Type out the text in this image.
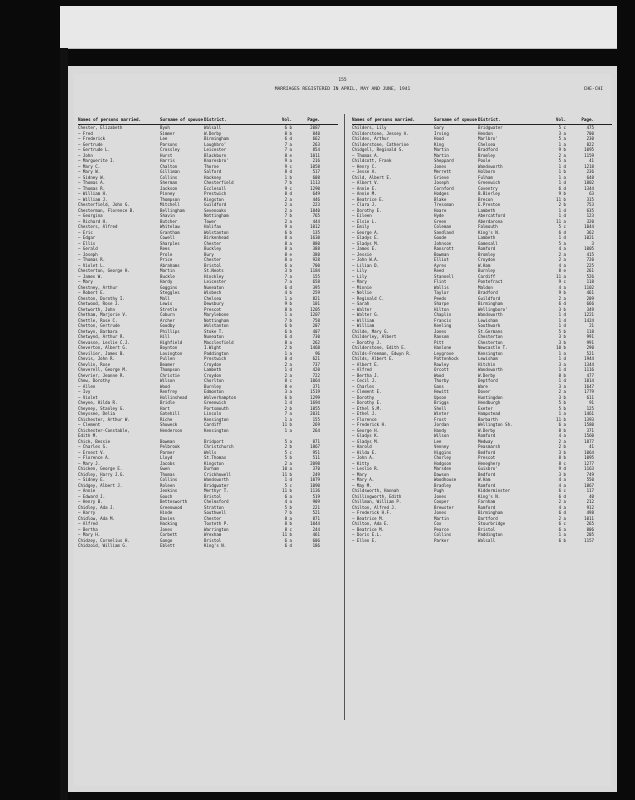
155
MARRIAGES REGISTERED IN APRIL, MAY AND JUNE, 1941	CHE-CHI
Names of persons married.	Surname of spouse District.	Vol.	Page.
Chester, Elizabeth	Byoh	Walsall	6 b	2087
— Fred	Simmer	W.Derby	8 b	840
— Frederick	Lee	Birmingham	6 d	662
— Gertrude	Parsons	Loughbro'	7 a	263
— Gertrude L.	Crossley	Leicester	7 a	854
— John	Hurst	Blackburn	8 e	1011
— Marguerite I.	Harris	Knaresbro'	9 a	216
— Mary C.	Chalton	Thorne	9 c	1058
— Mary W.	Gilliman	Salford	8 d	517
— Sidney W.	Collins	Hackney	1 b	608
— Thomas A.	Sherman	Chesterfield	7 b	1113
— Thomas R.	Jackson	Ecclesall	9 c	1290
— William H.	Pinney	Prestwich	8 d	649
— William J.	Thompson	Kingston	2 a	446
Chesterfield, John G.	Mitchell	Guildford	2 a	223
Chesterman, Florence B.	Bellingham	Sevenoaks	2 a	1840
— Georgina	Shavin	Nottingham	7 b	765
— Richard H.	Butcher	Tower	2 a	444
Chesters, Alfred	Whitelaw	Halifax	9 a	1012
— Eric	Grantham	Wolstanton	6 b	135
— Edgar	Cowell	Birkenhead	8 a	1630
— Ellis	Sharples	Chester	8 a	880
— Gerald	Rees	Buckley	8 a	388
— Joseph	Prole	Bury	8 e	380
— Thomas R.	Price	Chester	8 a	928
— Violet L.	Abrahams	Bristol	6 a	700
Chesterton, George H.	Martin	St.Neots	3 b	1184
— James W.	Buckle	Hinckley	7 a	155
— Mary	Hardy	Leicester	7 a	658
Chestney, Arthur	Goggins	Nuneaton	6 d	395
— Robert E.	Steggles	Wisbech	4 b	259
Cheston, Dorothy I.	Mall	Chelsea	1 a	821
Chetwood, Rose J.	Lewis	Dewsbury	9 b	101
Chetworth, John	Stretle	Prescot	8 b	1205
Chetham, Marjorie V.	Coburn	Marylebone	1 a	1207
Chettle, Rose C.	Archer	Nottingham	7 b	758
Chetton, Gertrude	Goodby	Wolstanton	6 b	207
Chetwyn, Barbara	Phillips	Stoke T.	6 b	407
Chetwynd, Arthur R.	Hill	Nuneaton	6 d	730
Chevasse, Leslie C.J.	Highfield	Macclesfield	8 a	262
Cheverton, Albert G.	Boynton	I.Wight	2 b	1468
Chevilier, James B.	Lovington	Paddington	1 a	96
Chevis, John R.	Pullen	Prestwich	8 d	621
Chevlin, Rose	Beamer	Croydon	2 a	737
Cheverell, George M.	Thompson	Lambeth	1 d	420
Chevrier, Jeanne R.	Christie	Croydon	2 a	722
Chew, Dorothy	Wilson	Chorlton	8 c	1064
— Allen	Wood	Burnley	8 e	371
— Ivy	Renfrey	Edmonton	3 a	1519
— Violet	Hollinshead	Wolverhampton	6 b	1299
Cheyne, Hilda R.	Bridle	Greenwich	1 d	1694
Cheyney, Stanley G.	Hart	Portsmouth	2 b	1055
Cheyssee, Delia	Gatehill	Lincoln	7 a	2031
Chichester, Arthur W.	Riche	Kensington	1 a	155
— Clement	Shuweck	Cardiff	11 b	269
Chichester-Constable,	Henderson	Kensington	1 a	264
Edith M.
Chick, Bessie	Bowman	Bridport	5 a	871
— Charles S.	Pelbrook	Christchurch	2 b	1867
— Ernest V.	Parmer	Wells	5 c	951
— Florence A.	Lloyd	St.Thomas	5 b	511
— Mary J.	Jacobs	Kingston	2 a	2098
Chicken, George E.	Gwen	Durham	10 a	370
Chidley, Harry J.G.	Thomas	Crickhowell	11 b	249
— Sidney E.	Collins	Wandsworth	1 d	1079
Chidgey, Albert J.	Roleen	Bridgwater	5 c	1090
— Annie	Jenkins	Merthyr T.	11 b	1136
— Edward J.	Gooch	Bristol	6 a	519
— Henry B.	Bettesworth	Chelmsford	4 a	909
Chidley, Ada J.	Greenwood	Stratton	5 b	221
— Harry	Hinde	Southwell	7 b	521
Chidlow, Ada M.	Davies	Chester	8 a	871
— Alfred	Hacking	Toxteth P.	8 b	1044
— Bertha	Jones	Warrington	8 c	244
— Mary H.	Corbett	Wrexham	11 b	461
Chidzey, Cornelius H.	Gange	Bristol	6 a	606
Chidzoid, William G.	Eblett	King's N.	6 d	186
Names of persons married.	Surname of spouse District.	Vol.	Page.
Childers, Lily	Gary	Bridgwater	5 c	475
Childerstone, Jessey A.	Irving	Hendon	3 a	700
Childes, Arthur	Hood	Marlbro'	5 a	230
Childerstone, Catherine	King	Chelsea	1 a	822
Chidgell, Reginald S.	Martin	Bradford	9 b	1095
— Thomas A.	Martin	Bromley	2 a	1159
Childcott, Frank	Sheppard	Poole	5 a	41
— Henry C.	Jones	Wandsworth	1 d	1218
— Jesse A.	Merrett	Holborn	1 b	236
Child, Albert E.	Grieve	Fulham	1 a	648
— Albert V.	Joseph	Greenwich	1 d	1802
— Annie E.	Cornford	Coventry	6 d	1344
— Annie M.	Hodges	B.Bierley	9 b	63
— Beatrice E.	Blake	Brecon	11 b	315
— Clara J.	Tressman	E.Preston	2 b	753
— Dorothy E.	Hoare	Lambeth	1 d	635
— Eileen	Hyde	Abercatford	1 d	123
— Elsie L.	Green	Aberdarona	11 a	320
— Emily	Coleman	Falmouth	5 c	1044
— George A.	Sandland	King's N.	6 d	362
— Gladys E.	Goode	Lambeth	1 d	1021
— Gladys M.	Johnson	Gamesall	5 a	3
— James E.	Ransrott	Romford	4 a	1005
— Jessie	Bowman	Bromley	2 a	415
— John W.A.	Elliot	Croydon	2 a	720
— Lilian D.	Ayres	W.Ham	4 a	225
— Lily	Reed	Burnley	8 e	261
— Lily	Stannell	Cardiff	11 a	526
— Mary	Flint	Pontefract	9 c	118
— Minnie	Wallis	Maldon	4 a	1102
— Nellie	Taylor	Bradford	9 b	461
— Reginald C.	Peeds	Guildford	2 a	209
— Sarah	Sharpe	Birmingham	6 d	666
— Walter	Hilton	Wellingboro'	3 b	349
— Walter G.	Chaplin	Wandsworth	1 d	1221
— William	Francis	Lewisham	1 d	1424
— William	Keeling	Southwark	1 d	21
Childe, Mary G.	Jones	St.Germans	5 b	118
Childerley, Albert	Ransom	Chesterton	3 b	991
— Dorothy J.	Pitt	Chesterton	3 b	991
Childerstone, Edith E.	Hanlone	Newcastle T.	10 b	290
Childs-Freeman, Edwyn R.	Leygrove	Kensington	1 a	521
Childs, Albert E.	Pattenhock	Lewisham	1 d	1944
— Albert E.	Rowley	Hitchin	3 a	1344
— Alfred	Orcott	Wandsworth	1 d	1116
— Bertha J.	Wood	W.Derby	8 b	477
— Cecil J.	Thorby	Deptford	1 d	1014
— Charles	Gans	Ware	3 a	1647
— Clement E.	Hewitt	Dover	2 a	1779
— Dorothy	Upson	Huntingdon	3 b	611
— Dorothy E.	Briggs	Hendburgh	5 b	91
— Ethel S.M.	Shell	Exeter	5 b	125
— Ethel J.	Winter	Hampstead	1 a	1461
— Florence	Frost	Barbarth	11 b	1393
— Frederick H.	Jordan	Wellington Sh.	6 a	1580
— George H.	Handy	W.Derby	8 b	371
— Gladys K.	Wilson	Romford	4 a	1560
— Gladys M.	Lee	Medway	2 a	1877
— Harold	Venney	Peasmarsh	2 b	41
— Hilda E.	Higgins	Bedford	3 b	1064
— John A.	Chorley	Prescot	8 b	1095
— Kitty	Hodgson	Heneghery	8 c	1277
— Leslie R.	Marsden	Guisbro'	9 d	1163
— Mary	Dawson	Bedford	3 b	749
— Mary A.	Woodhouse	W.Ham	4 a	550
— May M.	Bradley	Romford	4 a	1867
Childsworth, Hannah	Pugh	Kidderminster	6 c	117
Chillingworth, Edith	Jones	King's N.	6 d	40
Chillman, William P.	Cooper	Farnham	2 a	212
Chilton, Alfred J.	Brewster	Romford	4 a	912
— Frederick H.F.	Jones	Birmingham	6 d	498
— Beatrice M.	Martin	Dartford	2 a	1011
Chilton, Ada E.	Cox	Stourbridge	6 c	265
— Beatrice M.	Pearce	Bristol	6 a	806
— Doris E.L.	Collins	Paddington	1 a	205
— Ellen E.	Parker	Walsall	6 b	1157
